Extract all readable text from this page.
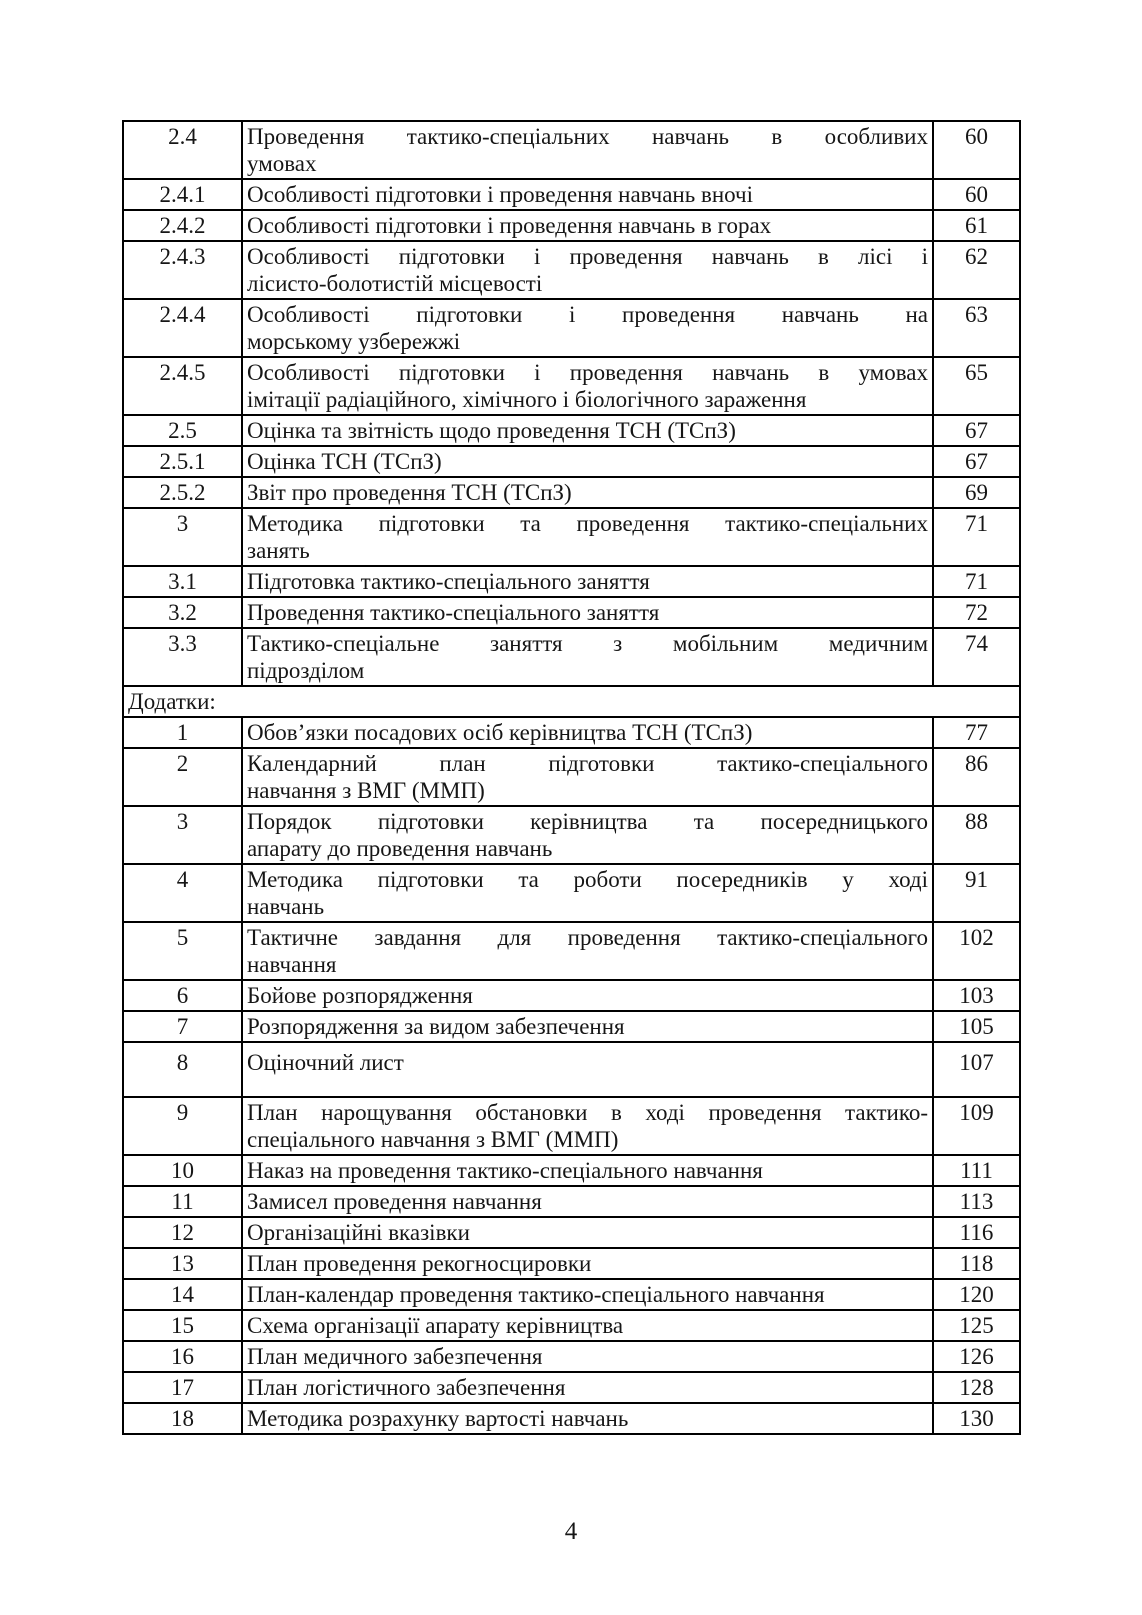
2.4	Проведення тактико-спеціальних навчань в особливих
умовах	60
2.4.1	Особливості підготовки і проведення навчань вночі	60
2.4.2	Особливості підготовки і проведення навчань в горах	61
2.4.3	Особливості підготовки і проведення навчань в лісі і
лісисто-болотистій місцевості	62
2.4.4	Особливості підготовки і проведення навчань на
морському узбережжі	63
2.4.5	Особливості підготовки і проведення навчань в умовах
імітації радіаційного, хімічного і біологічного зараження	65
2.5	Оцінка та звітність щодо проведення ТСН (ТСпЗ)	67
2.5.1	Оцінка ТСН (ТСпЗ)	67
2.5.2	Звіт про проведення ТСН (ТСпЗ)	69
3	Методика підготовки та проведення тактико-спеціальних
занять	71
3.1	Підготовка тактико-спеціального заняття	71
3.2	Проведення тактико-спеціального заняття	72
3.3	Тактико-спеціальне заняття з мобільним медичним
підрозділом	74
Додатки:		
1	Обов’язки посадових осіб керівництва ТСН (ТСпЗ)	77
2	Календарний план підготовки тактико-спеціального
навчання з ВМГ (ММП)	86
3	Порядок підготовки керівництва та посередницького
апарату до проведення навчань	88
4	Методика підготовки та роботи посередників у ході
навчань	91
5	Тактичне завдання для проведення тактико-спеціального
навчання	102
6	Бойове розпорядження	103
7	Розпорядження за видом забезпечення	105
8	Оціночний лист	107
9	План нарощування обстановки в ході проведення тактико-
спеціального навчання з ВМГ (ММП)	109
10	Наказ на проведення тактико-спеціального навчання	111
11	Замисел проведення навчання	113
12	Організаційні вказівки	116
13	План проведення рекогносцировки	118
14	План-календар проведення тактико-спеціального навчання	120
15	Схема організації апарату керівництва	125
16	План медичного забезпечення	126
17	План логістичного забезпечення	128
18	Методика розрахунку вартості навчань	130
4
